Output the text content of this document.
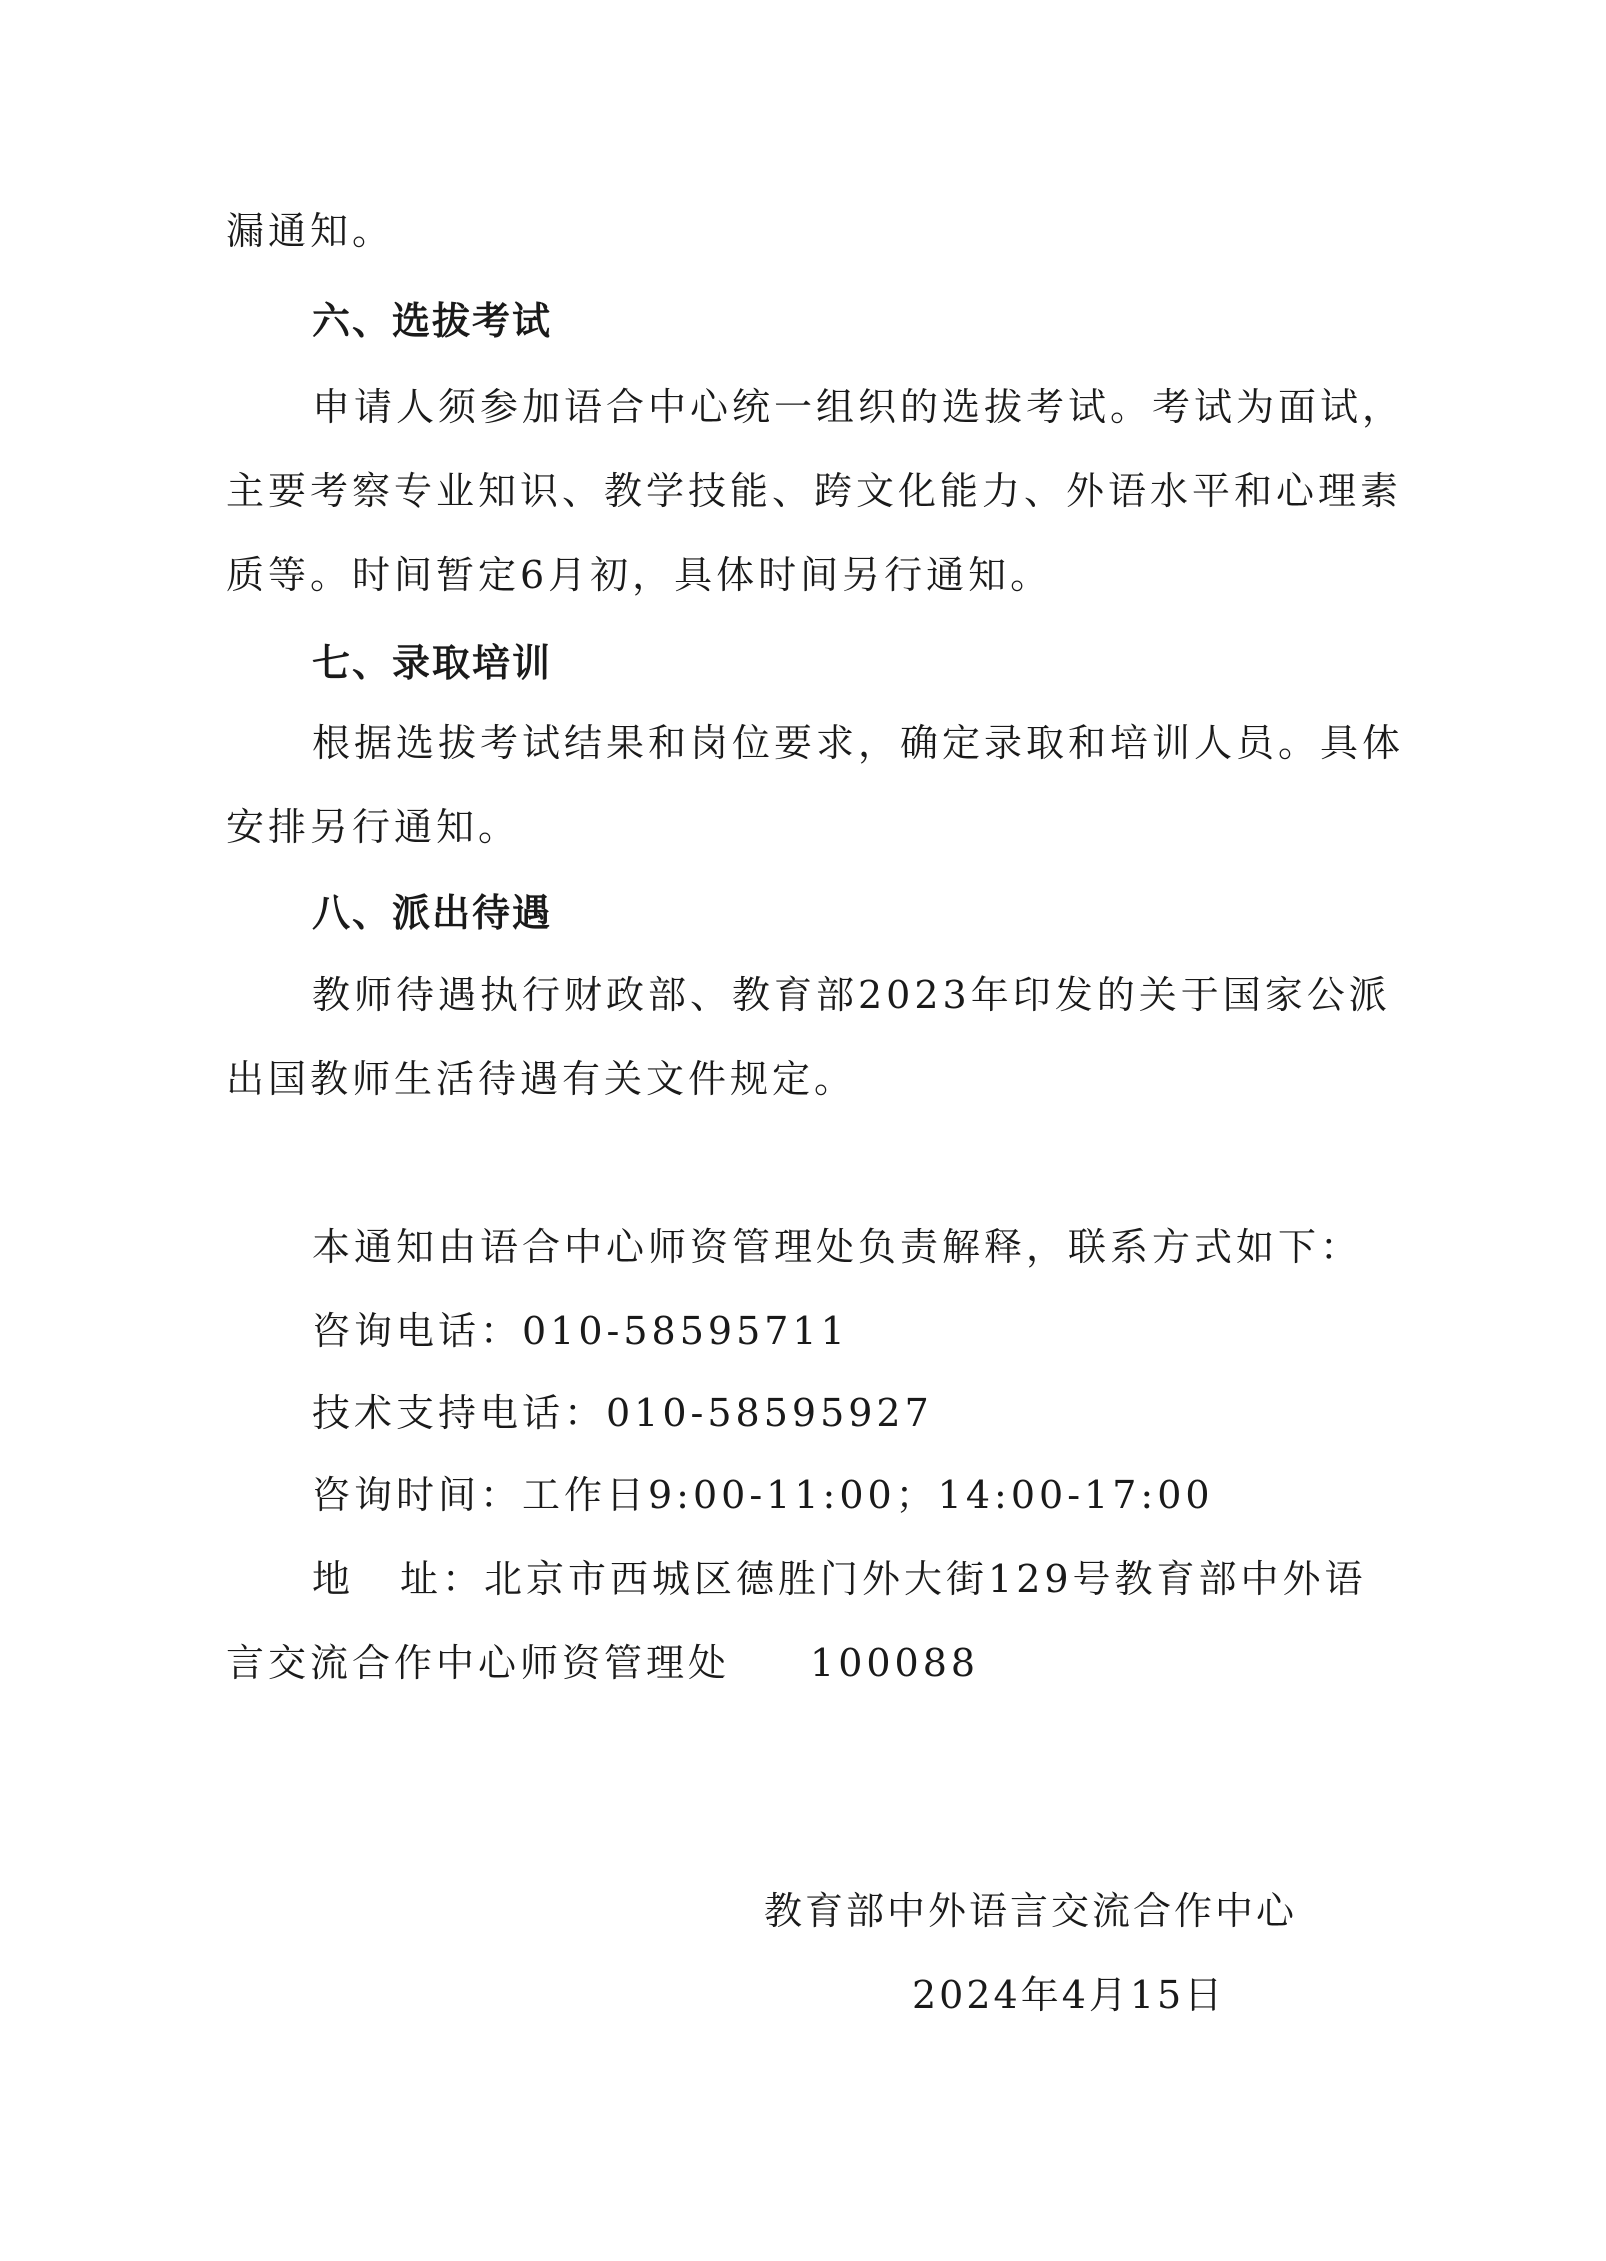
漏通知。
六、选拔考试
申请人须参加语合中心统一组织的选拔考试。考试为面试，
主要考察专业知识、教学技能、跨文化能力、外语水平和心理素
质等。时间暂定6月初，具体时间另行通知。
七、录取培训
根据选拔考试结果和岗位要求，确定录取和培训人员。具体
安排另行通知。
八、派出待遇
教师待遇执行财政部、教育部2023年印发的关于国家公派
出国教师生活待遇有关文件规定。
本通知由语合中心师资管理处负责解释，联系方式如下：
咨询电话：010-58595711
技术支持电话：010-58595927
咨询时间：工作日9:00-11:00；14:00-17:00
地 址：北京市西城区德胜门外大街129号教育部中外语
言交流合作中心师资管理处 100088
教育部中外语言交流合作中心
2024年4月15日
